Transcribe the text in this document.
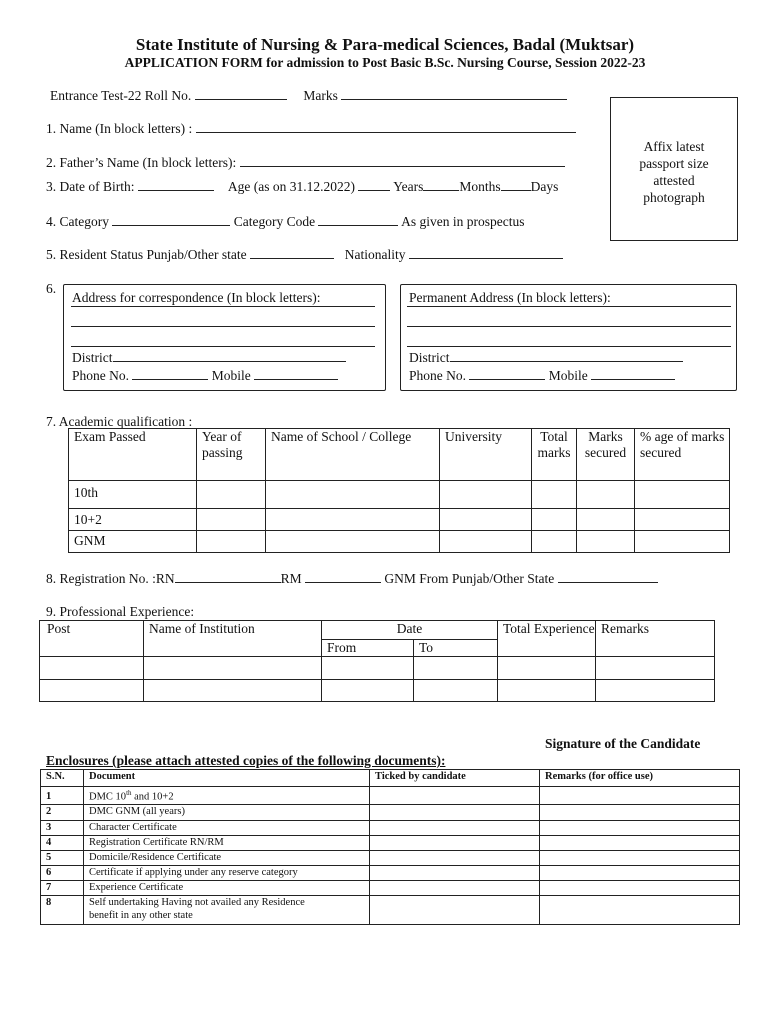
State Institute of Nursing & Para-medical Sciences, Badal (Muktsar)
APPLICATION FORM for admission to Post Basic B.Sc. Nursing Course, Session 2022-23
Entrance Test-22 Roll No.	Marks
Affix latest
passport size
attested
photograph
1. Name (In block letters) :
2. Father’s Name (In block letters):
3. Date of Birth:	Age (as on 31.12.2022)	Years	Months Days
4. Category	Category Code	As given in prospectus
5. Resident Status Punjab/Other state	Nationality
6.
Address for correspondence (In block letters):
District
Phone No.	Mobile
Permanent Address (In block letters):
District
Phone No.	Mobile
7. Academic qualification :
Exam Passed	Year of passing	Name of School / College	University	Total marks	Marks secured	% age of marks secured
10th						
10+2						
GNM						
8. Registration No. :RN	RM	GNM From Punjab/Other State
9. Professional Experience:
Post	Name of Institution	Date		Total Experience	Remarks
		From	To		

Signature of the Candidate
Enclosures (please attach attested copies of the following documents):
S.N.	Document	Ticked by candidate	Remarks (for office use)
1	DMC 10th and 10+2		
2	DMC GNM (all years)		
3	Character Certificate		
4	Registration Certificate RN/RM		
5	Domicile/Residence Certificate		
6	Certificate if applying under any reserve category		
7	Experience Certificate		
8	Self undertaking Having not availed any Residence
benefit in any other state		
